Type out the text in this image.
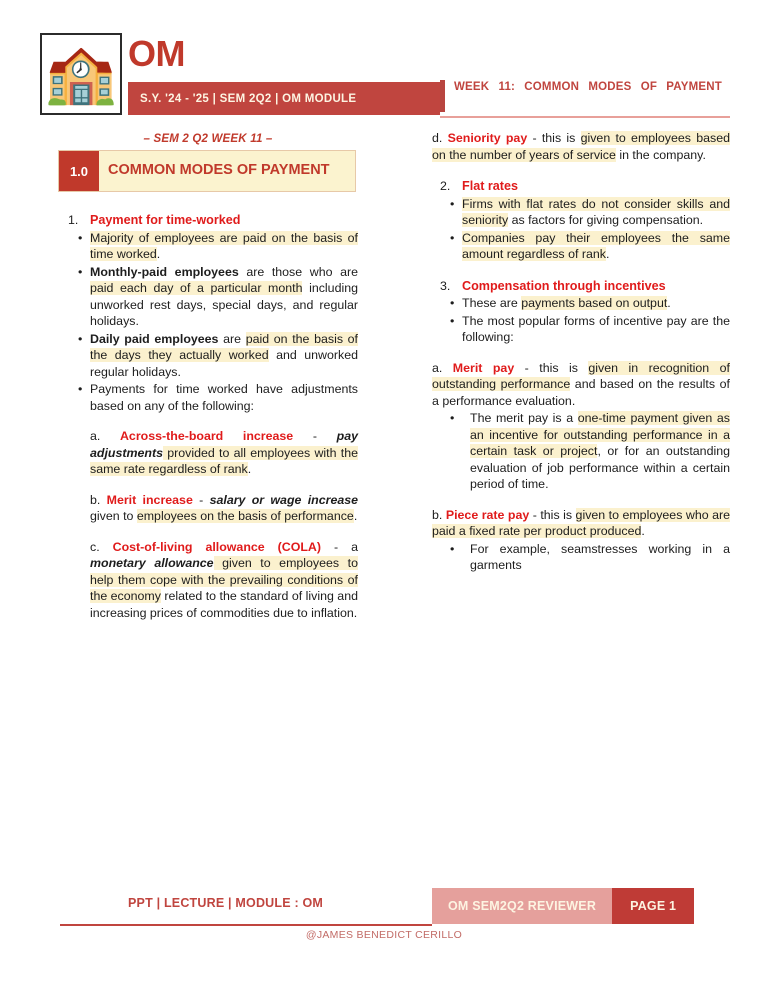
🏫 OM
S.Y. '24 - '25 | SEM 2Q2 | OM MODULE
WEEK 11: COMMON MODES OF PAYMENT
– SEM 2 Q2 WEEK 11 –
1.0	COMMON MODES OF PAYMENT
1. Payment for time-worked
• Majority of employees are paid on the basis of time worked.
• Monthly-paid employees are those who are paid each day of a particular month including unworked rest days, special days, and regular holidays.
• Daily paid employees are paid on the basis of the days they actually worked and unworked regular holidays.
• Payments for time worked have adjustments based on any of the following:
a. Across-the-board increase - pay adjustments provided to all employees with the same rate regardless of rank.
b. Merit increase - salary or wage increase given to employees on the basis of performance.
c. Cost-of-living allowance (COLA) - a monetary allowance given to employees to help them cope with the prevailing conditions of the economy related to the standard of living and increasing prices of commodities due to inflation.
d. Seniority pay - this is given to employees based on the number of years of service in the company.
2. Flat rates
• Firms with flat rates do not consider skills and seniority as factors for giving compensation.
• Companies pay their employees the same amount regardless of rank.
3. Compensation through incentives
• These are payments based on output.
• The most popular forms of incentive pay are the following:
a. Merit pay - this is given in recognition of outstanding performance and based on the results of a performance evaluation.
•	The merit pay is a one-time payment given as an incentive for outstanding performance in a certain task or project, or for an outstanding evaluation of job performance within a certain period of time.
b. Piece rate pay - this is given to employees who are paid a fixed rate per product produced.
•	For example, seamstresses working in a garments
PPT | LECTURE | MODULE : OM	OM SEM2Q2 REVIEWER	PAGE 1
@JAMES BENEDICT CERILLO
